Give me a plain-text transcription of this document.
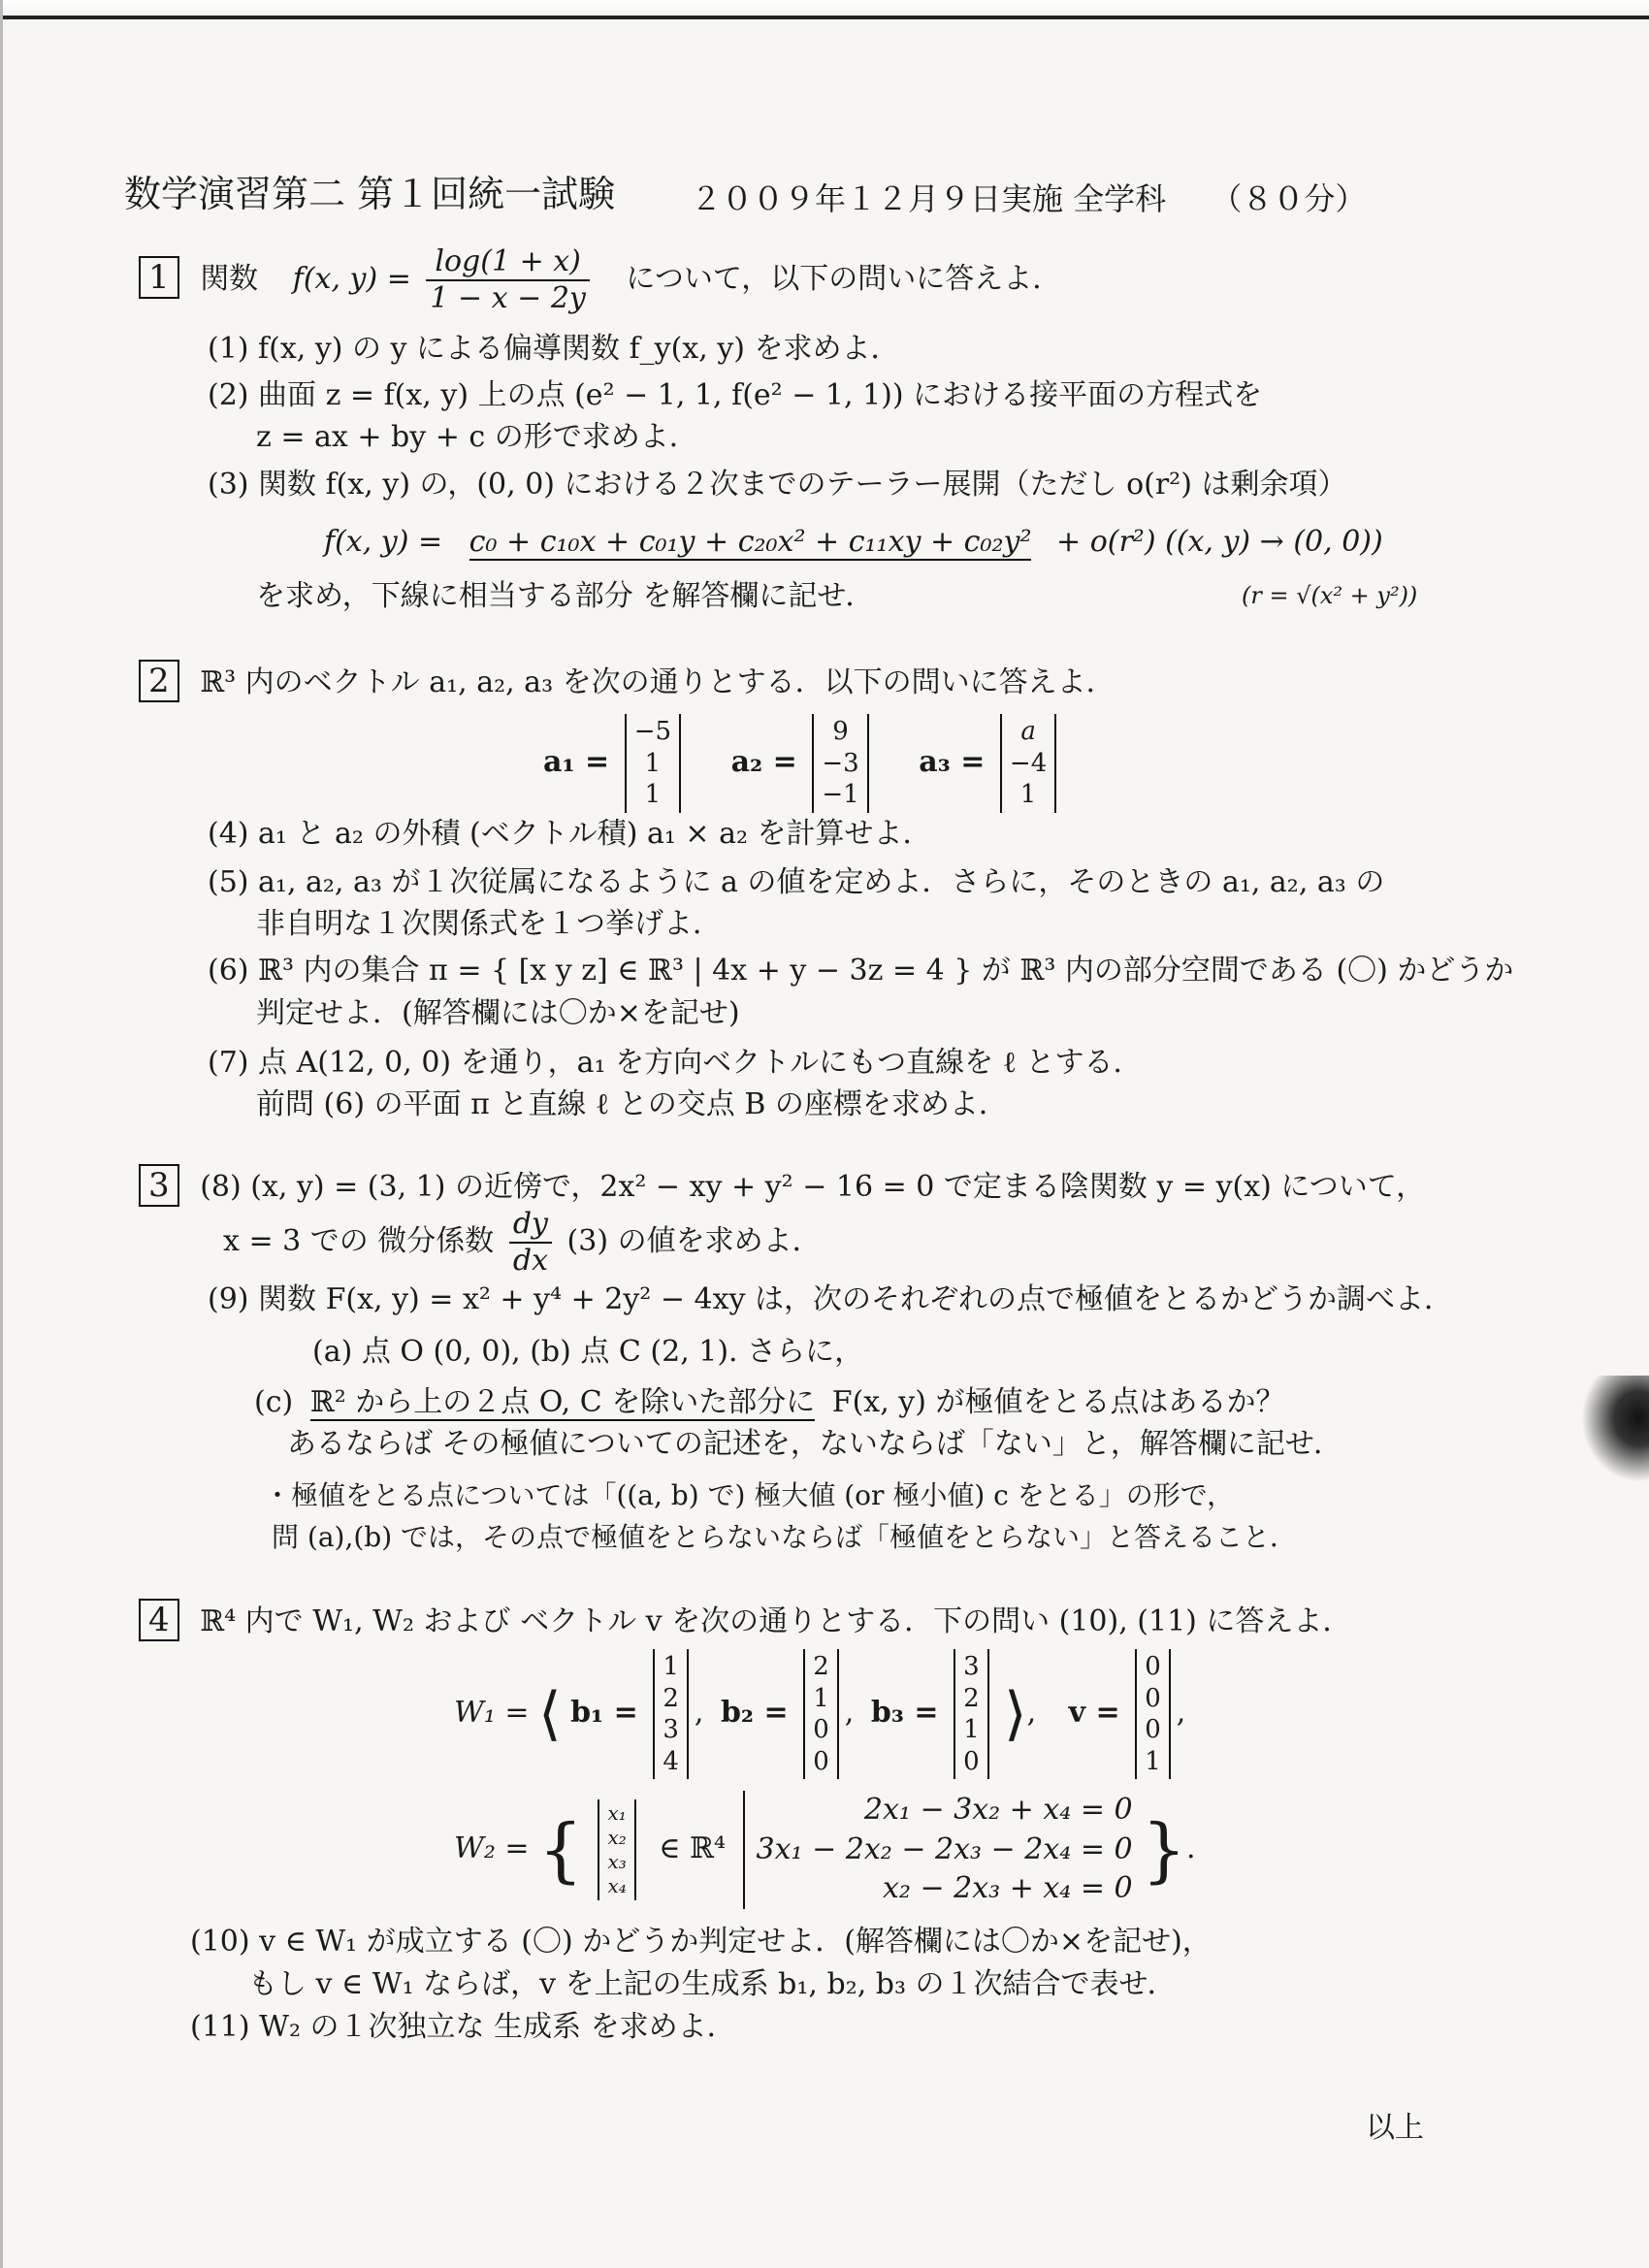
数学演習第二 第１回統一試験 ２００９年１２月９日実施 全学科 （８０分）
1 関数 f(x, $y) = \frac{\log(1 + x)}{1 - x - 2y}$ について，以下の問いに答えよ．
(1) f(x, y) の y による偏導関数 f_y(x, y) を求めよ．
(2) 曲面 z = f(x, y) 上の点 (e² − 1, 1, f(e² − 1, 1)) における接平面の方程式を
z = ax + by + c の形で求めよ．
(3) 関数 f(x, y) の，(0, 0) における２次までのテーラー展開（ただし o(r²) は剰余項）
f(x, y) = c₀ + c₁₀x + c₀₁y + c₂₀x² + c₁₁xy + c₀₂y² + o(r²) ((x, y) → (0, 0))
を求め，下線に相当する部分 を解答欄に記せ．	(r = √(x² + y²))
2 ℝ³ 内のベクトル a₁, a₂, a₃ を次の通りとする．以下の問いに答えよ．
a₁ =
−5
1
1
a₂ =
9
−3
−1
a₃ =
a
−4
1
(4) a₁ と a₂ の外積 (ベクトル積) a₁ × a₂ を計算せよ．
(5) a₁, a₂, a₃ が１次従属になるように a の値を定めよ．さらに，そのときの a₁, a₂, a₃ の
非自明な１次関係式を１つ挙げよ．
(6) ℝ³ 内の集合 π = { [x y z] ∈ ℝ³ | 4x + y − 3z = 4 } が ℝ³ 内の部分空間である (〇) かどうか
判定せよ．(解答欄には〇か×を記せ)
(7) 点 A(12, 0, 0) を通り，a₁ を方向ベクトルにもつ直線を ℓ とする．
前問 (6) の平面 π と直線 ℓ との交点 B の座標を求めよ．
3 (8) (x, y) = (3, 1) の近傍で，2x² − xy + y² − 16 = 0 で定まる陰関数 y = y(x) について，
x = 3 での 微分係数 $\frac{dy}{dx} (3)$ の値を求めよ．
(9) 関数 F(x, y) = x² + y⁴ + 2y² − 4xy は，次のそれぞれの点で極値をとるかどうか調べよ．
(a) 点 O (0, 0), (b) 点 C (2, 1). さらに，
(c) ℝ² から上の２点 O, C を除いた部分に F(x, y) が極値をとる点はあるか？
あるならば その極値についての記述を，ないならば「ない」と，解答欄に記せ．
・極値をとる点については「((a, b) で) 極大値 (or 極小値) c をとる」の形で，
問 (a),(b) では，その点で極値をとらないならば「極値をとらない」と答えること．
4 ℝ⁴ 内で W₁, W₂ および ベクトル v を次の通りとする．下の問い (10), (11) に答えよ．
W₁ = ⟨ b₁ =
1
2
3
4
, b₂ =
2
1
0
0
, b₃ =
3
2
1
0
⟩, v =
0
0
0
1
,
W₂ = { x₁
x₂
x₃
x₄
∈ ℝ⁴
2x₁ − 3x₂ + x₄ = 0
3x₁ − 2x₂ − 2x₃ − 2x₄ = 0
x₂ − 2x₃ + x₄ = 0 }.
(10) v ∈ W₁ が成立する (〇) かどうか判定せよ．(解答欄には〇か×を記せ)，
もし v ∈ W₁ ならば，v を上記の生成系 b₁, b₂, b₃ の１次結合で表せ．
(11) W₂ の１次独立な 生成系 を求めよ．
以上
